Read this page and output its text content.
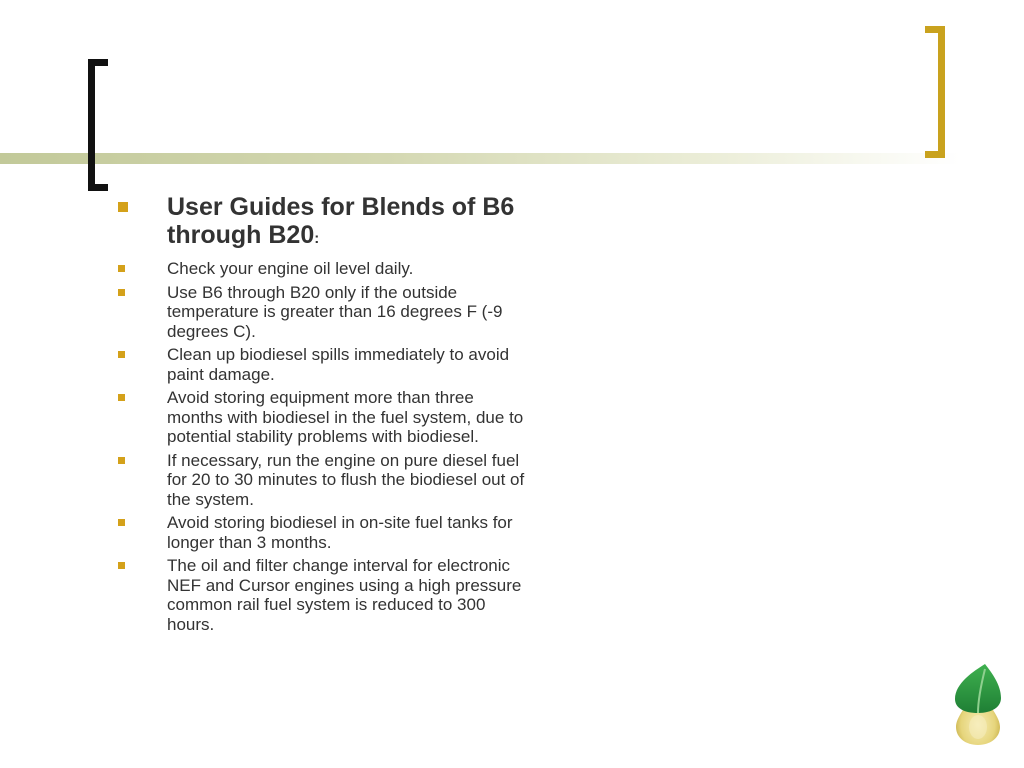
User Guides for Blends of B6 through B20:
Check your engine oil level daily.
Use B6 through B20 only if the outside temperature is greater than 16 degrees F (-9 degrees C).
Clean up biodiesel spills immediately to avoid paint damage.
Avoid storing equipment more than three months with biodiesel in the fuel system, due to potential stability problems with biodiesel.
If necessary, run the engine on pure diesel fuel for 20 to 30 minutes to flush the biodiesel out of the system.
Avoid storing biodiesel in on-site fuel tanks for longer than 3 months.
The oil and filter change interval for electronic NEF and Cursor engines using a high pressure common rail fuel system is reduced to 300 hours.
